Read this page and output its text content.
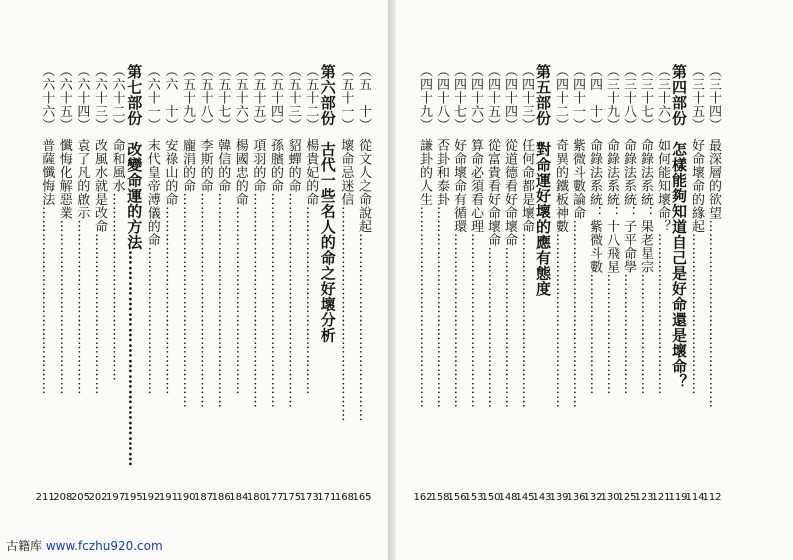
（五　十）　從文人之命說起……………………………………
165
（五十一）　壞命忌迷信…………………………………………
168
第六部份　古代一些名人的命之好壞分析
171
（五十二）　楊貴妃的命……………………………………
173
（五十三）　貂蟬的命…………………………………………
175
（五十四）　孫臏的命…………………………………………
177
（五十五）　項羽的命…………………………………………
180
（五十六）　楊國忠的命……………………………………
184
（五十七）　韓信的命…………………………………………
186
（五十八）　李斯的命…………………………………………
187
（五十九）　龐涓的命…………………………………………
190
（六　十）　安祿山的命……………………………………
191
（六十一）　末代皇帝溥儀的命……………………………
192
第七部份　改變命運的方法……………………………………
195
（六十二）　命和風水……………………………………
197
（六十三）　改風水就是改命………………………………
202
（六十四）　袁了凡的啟示…………………………………
205
（六十五）　懺悔化解惡業…………………………………
208
（六十六）　普薩懺悔法……………………………………
211
（三十四）　最深層的欲望……………………………………
112
（三十五）　好命壞命的緣起………………………………
114
第四部份　怎樣能夠知道自己是好命還是壞命？
119
（三十六）　如何能知壞命？………………………………
121
（三十七）　命錄法系統：果老星宗………………………
123
（三十八）　命錄法系統：子平命學………………………
125
（三十九）　命錄法系統：十八飛星………………………
130
（四　十）　命錄法系統：紫微斗數………………………
132
（四十一）　紫微斗數論命……………………………………
136
（四十二）　奇異的鐵板神數…………………………………
139
第五部份　對命運好壞的應有態度
143
（四十三）　任何命都是壞命…………………………………
145
（四十四）　從道德看好命壞命………………………………
148
（四十五）　從富貴看好命壞命………………………………
150
（四十六）　算命必須看心理…………………………………
153
（四十七）　好命壞命有循環…………………………………
156
（四十八）　否卦和泰卦………………………………………
158
（四十九）　謙卦的人生………………………………………
162
古籍库 www.fczhu920.com
